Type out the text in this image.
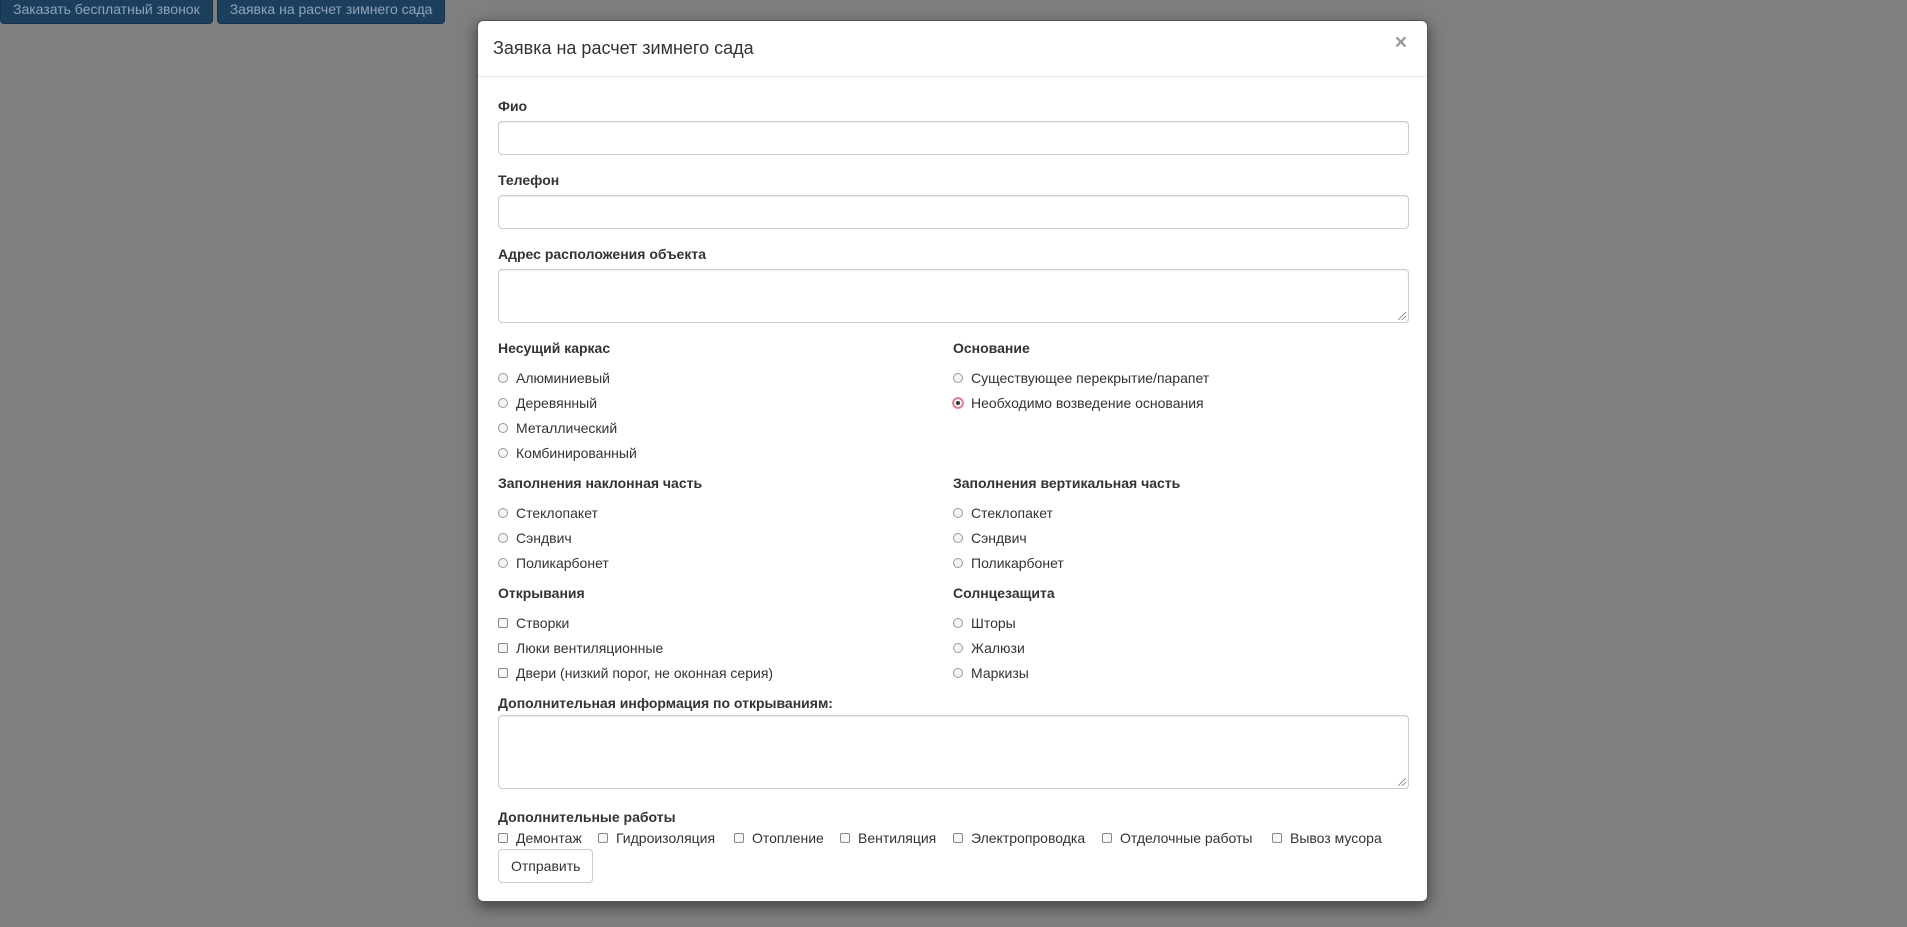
Заказать бесплатный звонок	Заявка на расчет зимнего сада
Заявка на расчет зимнего сада	×
Фио
Телефон
Адрес расположения объекта
Несущий каркас
Алюминиевый
Деревянный
Металлический
Комбинированный
Основание
Существующее перекрытие/парапет
Необходимо возведение основания
Заполнения наклонная часть
Стеклопакет
Сэндвич
Поликарбонет
Заполнения вертикальная часть
Стеклопакет
Сэндвич
Поликарбонет
Открывания
Створки
Люки вентиляционные
Двери (низкий порог, не оконная серия)
Солнцезащита
Шторы
Жалюзи
Маркизы
Дополнительная информация по открываниям:
Дополнительные работы
Демонтаж Гидроизоляция	Отопление Вентиляция Электропроводка Отделочные работы	Вывоз мусора
Отправить
